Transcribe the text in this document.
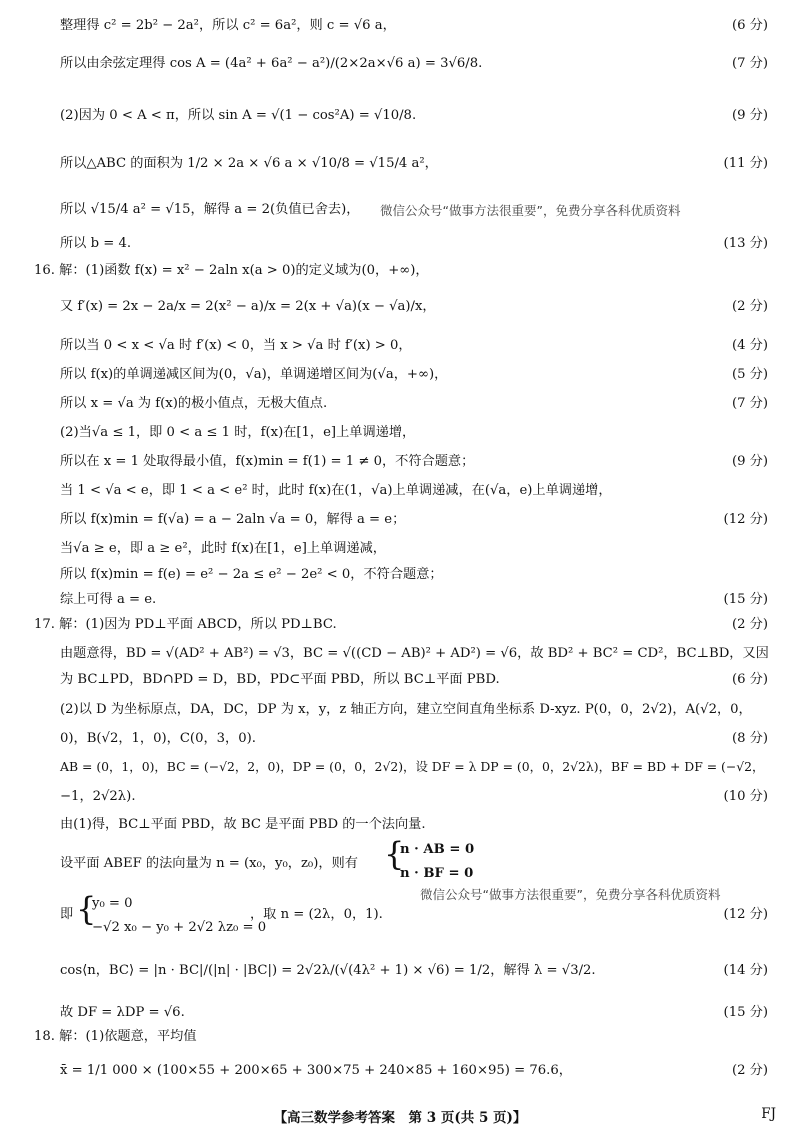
整理得 c² = 2b² − 2a²，所以 c² = 6a²，则 c = √6 a，	(6 分)
所以由余弦定理得 cos A = (4a² + 6a² − a²)/(2×2a×√6 a) = 3√6/8.	(7 分)
(2)因为 0 < A < π，所以 sin A = √(1 − cos²A) = √10/8.	(9 分)
所以△ABC 的面积为 1/2 × 2a × √6 a × √10/8 = √15/4 a²，	(11 分)
所以 √15/4 a² = √15，解得 a = 2(负值已舍去)，
所以 b = 4.	(13 分)
16. 解：(1)函数 f(x) = x² − 2aln x(a > 0)的定义域为(0，+∞)，
又 f′(x) = 2x − 2a/x = 2(x² − a)/x = 2(x + √a)(x − √a)/x，	(2 分)
所以当 0 < x < √a 时 f′(x) < 0，当 x > √a 时 f′(x) > 0，	(4 分)
所以 f(x)的单调递减区间为(0，√a)，单调递增区间为(√a，+∞)，	(5 分)
所以 x = √a 为 f(x)的极小值点，无极大值点.	(7 分)
(2)当√a ≤ 1，即 0 < a ≤ 1 时，f(x)在[1，e]上单调递增，
所以在 x = 1 处取得最小值，f(x)min = f(1) = 1 ≠ 0，不符合题意；	(9 分)
当 1 < √a < e，即 1 < a < e² 时，此时 f(x)在(1，√a)上单调递减，在(√a，e)上单调递增，
所以 f(x)min = f(√a) = a − 2aln √a = 0，解得 a = e；	(12 分)
当√a ≥ e，即 a ≥ e²，此时 f(x)在[1，e]上单调递减，
所以 f(x)min = f(e) = e² − 2a ≤ e² − 2e² < 0，不符合题意；
综上可得 a = e.	(15 分)
17. 解：(1)因为 PD⊥平面 ABCD，所以 PD⊥BC.	(2 分)
由题意得，BD = √(AD² + AB²) = √3，BC = √((CD − AB)² + AD²) = √6，故 BD² + BC² = CD²，BC⊥BD，又因
为 BC⊥PD，BD∩PD = D，BD，PD⊂平面 PBD，所以 BC⊥平面 PBD.	(6 分)
(2)以 D 为坐标原点，DA，DC，DP 为 x，y，z 轴正方向，建立空间直角坐标系 D-xyz. P(0，0，2√2)，A(√2，0，
0)，B(√2，1，0)，C(0，3，0).	(8 分)
AB = (0，1，0)，BC = (−√2，2，0)，DP = (0，0，2√2)，设 DF = λ DP = (0，0，2√2λ)，BF = BD + DF = (−√2，
−1，2√2λ).	(10 分)
由(1)得，BC⊥平面 PBD，故 BC 是平面 PBD 的一个法向量.
设平面 ABEF 的法向量为 n = (x₀，y₀，z₀)，则有
即	(12 分)
cos⟨n，BC⟩ = |n · BC|/(|n| · |BC|) = 2√2λ/(√(4λ² + 1) × √6) = 1/2，解得 λ = √3/2.	(14 分)
故 DF = λDP = √6.	(15 分)
18. 解：(1)依题意，平均值
x̄ = 1/1 000 × (100×55 + 200×65 + 300×75 + 240×85 + 160×95) = 76.6，	(2 分)
{
n · AB = 0
n · BF = 0
{
y₀ = 0
−√2 x₀ − y₀ + 2√2 λz₀ = 0
，取 n = (2λ，0，1).
微信公众号“做事方法很重要”，免费分享各科优质资料
微信公众号“做事方法很重要”，免费分享各科优质资料
【高三数学参考答案　第 3 页(共 5 页)】	FJ
